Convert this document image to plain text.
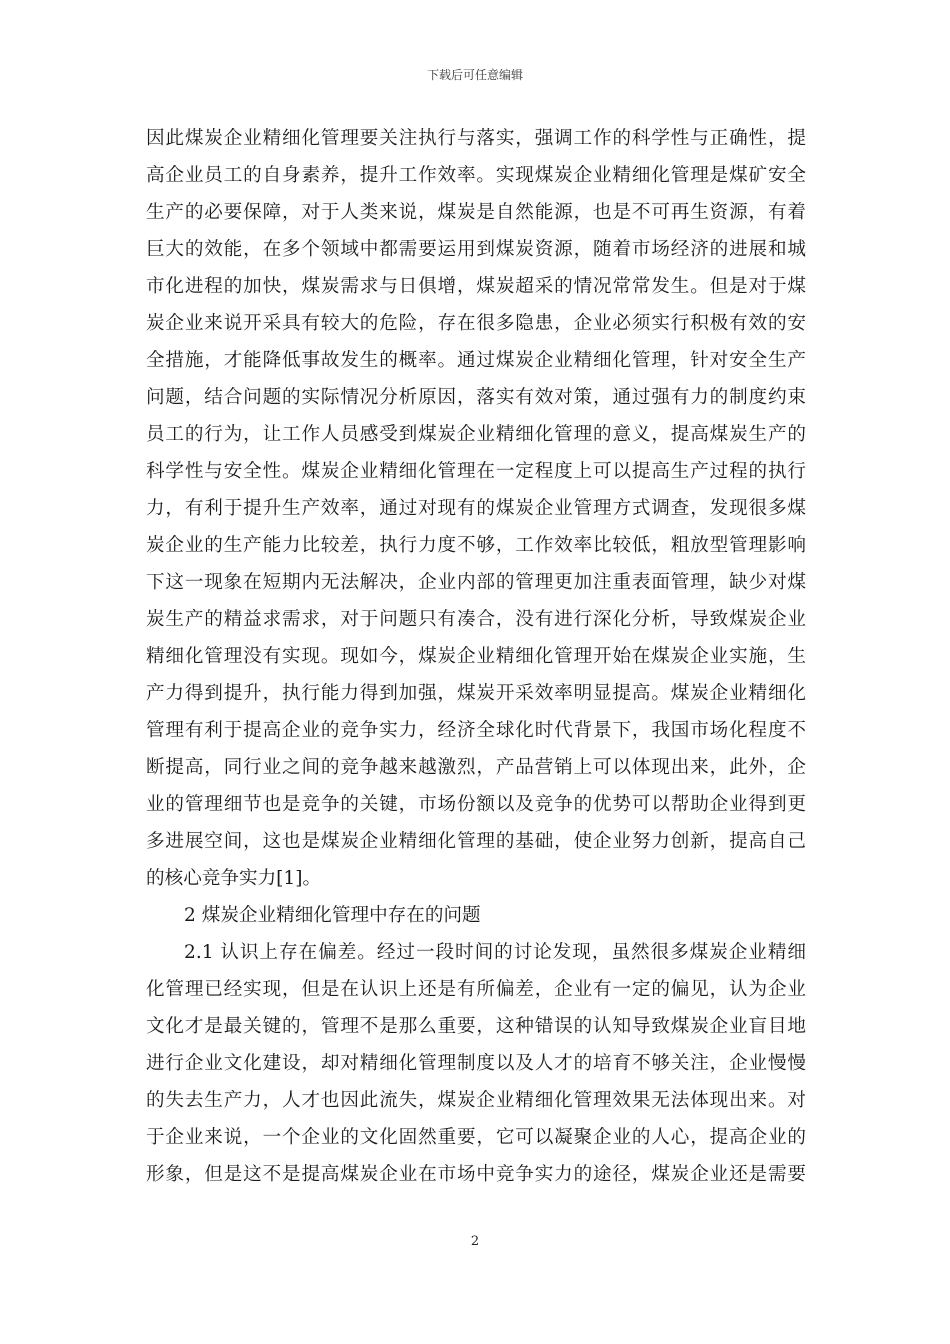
下载后可任意编辑
因此煤炭企业精细化管理要关注执行与落实，强调工作的科学性与正确性，提
高企业员工的自身素养，提升工作效率。实现煤炭企业精细化管理是煤矿安全
生产的必要保障，对于人类来说，煤炭是自然能源，也是不可再生资源，有着
巨大的效能，在多个领域中都需要运用到煤炭资源，随着市场经济的进展和城
市化进程的加快，煤炭需求与日俱增，煤炭超采的情况常常发生。但是对于煤
炭企业来说开采具有较大的危险，存在很多隐患，企业必须实行积极有效的安
全措施，才能降低事故发生的概率。通过煤炭企业精细化管理，针对安全生产
问题，结合问题的实际情况分析原因，落实有效对策，通过强有力的制度约束
员工的行为，让工作人员感受到煤炭企业精细化管理的意义，提高煤炭生产的
科学性与安全性。煤炭企业精细化管理在一定程度上可以提高生产过程的执行
力，有利于提升生产效率，通过对现有的煤炭企业管理方式调查，发现很多煤
炭企业的生产能力比较差，执行力度不够，工作效率比较低，粗放型管理影响
下这一现象在短期内无法解决，企业内部的管理更加注重表面管理，缺少对煤
炭生产的精益求需求，对于问题只有凑合，没有进行深化分析，导致煤炭企业
精细化管理没有实现。现如今，煤炭企业精细化管理开始在煤炭企业实施，生
产力得到提升，执行能力得到加强，煤炭开采效率明显提高。煤炭企业精细化
管理有利于提高企业的竞争实力，经济全球化时代背景下，我国市场化程度不
断提高，同行业之间的竞争越来越激烈，产品营销上可以体现出来，此外，企
业的管理细节也是竞争的关键，市场份额以及竞争的优势可以帮助企业得到更
多进展空间，这也是煤炭企业精细化管理的基础，使企业努力创新，提高自己
的核心竞争实力[1]。
2 煤炭企业精细化管理中存在的问题
2.1 认识上存在偏差。经过一段时间的讨论发现，虽然很多煤炭企业精细
化管理已经实现，但是在认识上还是有所偏差，企业有一定的偏见，认为企业
文化才是最关键的，管理不是那么重要，这种错误的认知导致煤炭企业盲目地
进行企业文化建设，却对精细化管理制度以及人才的培育不够关注，企业慢慢
的失去生产力，人才也因此流失，煤炭企业精细化管理效果无法体现出来。对
于企业来说，一个企业的文化固然重要，它可以凝聚企业的人心，提高企业的
形象，但是这不是提高煤炭企业在市场中竞争实力的途径，煤炭企业还是需要
2
